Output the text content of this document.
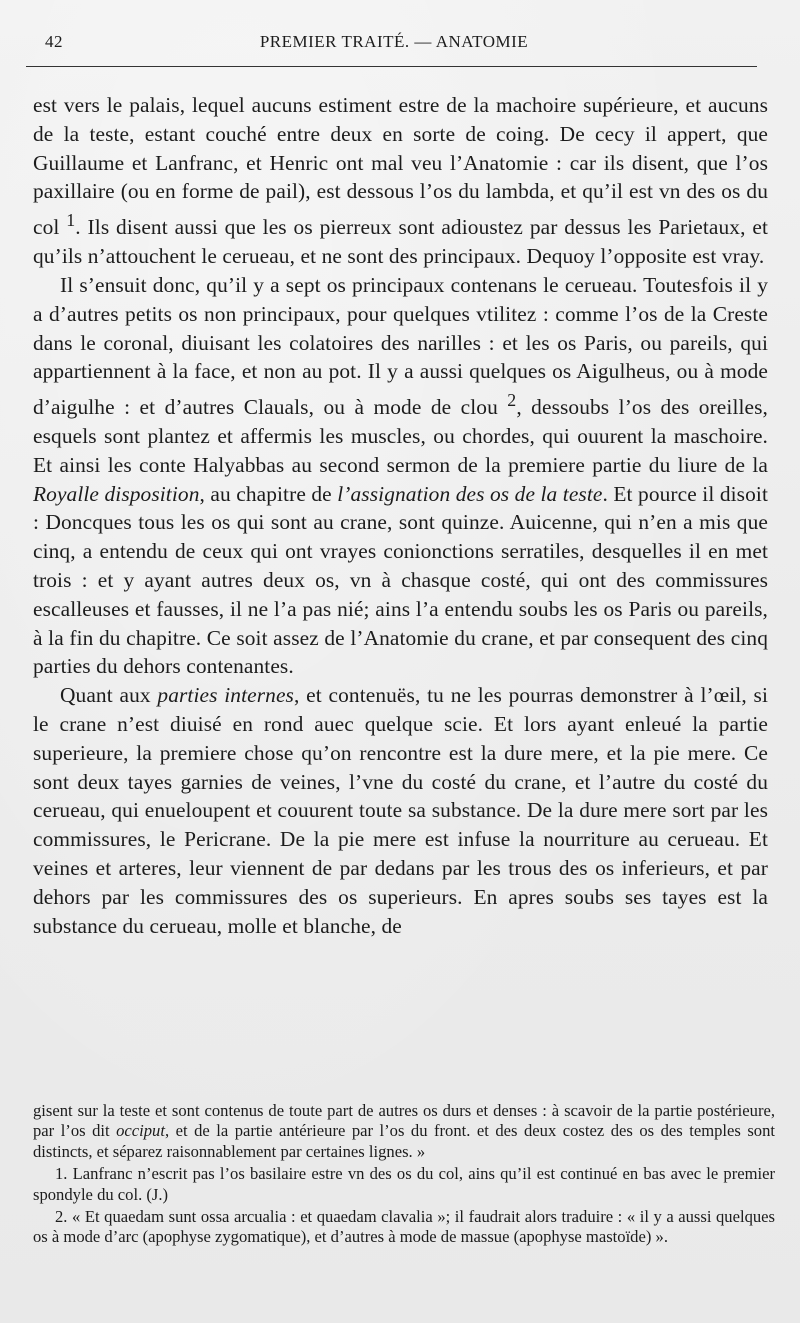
42	PREMIER TRAITÉ. — ANATOMIE

est vers le palais, lequel aucuns estiment estre de la machoire supérieure, et aucuns de la teste, estant couché entre deux en sorte de coing. De cecy il appert, que Guillaume et Lanfranc, et Henric ont mal veu l’Anatomie : car ils disent, que l’os paxillaire (ou en forme de pail), est dessous l’os du lambda, et qu’il est vn des os du col $^1$. Ils disent aussi que les os pierreux sont adioustez par dessus les Parietaux, et qu’ils n’attouchent le cerueau, et ne sont des principaux. Dequoy l’opposite est vray.

Il s’ensuit donc, qu’il y a sept os principaux contenans le cerueau. Toutesfois il y a d’autres petits os non principaux, pour quelques vtilitez : comme l’os de la Creste dans le coronal, diuisant les colatoires des narilles : et les os Paris, ou pareils, qui appartiennent à la face, et non au pot. Il y a aussi quelques os Aigulheus, ou à mode d’aigulhe : et d’autres Clauals, ou à mode de clou $^2$, dessoubs l’os des oreilles, esquels sont plantez et affermis les muscles, ou chordes, qui ouurent la maschoire. Et ainsi les conte Halyabbas au second sermon de la premiere partie du liure de la Royalle disposition, au chapitre de l’assignation des os de la teste. Et pource il disoit : Doncques tous les os qui sont au crane, sont quinze. Auicenne, qui n’en a mis que cinq, a entendu de ceux qui ont vrayes conionctions serratiles, desquelles il en met trois : et y ayant autres deux os, vn à chasque costé, qui ont des commissures escalleuses et fausses, il ne l’a pas nié; ains l’a entendu soubs les os Paris ou pareils, à la fin du chapitre. Ce soit assez de l’Anatomie du crane, et par consequent des cinq parties du dehors contenantes.

Quant aux parties internes, et contenuës, tu ne les pourras demonstrer à l’œil, si le crane n’est diuisé en rond auec quelque scie. Et lors ayant enleué la partie superieure, la premiere chose qu’on rencontre est la dure mere, et la pie mere. Ce sont deux tayes garnies de veines, l’vne du costé du crane, et l’autre du costé du cerueau, qui enueloupent et couurent toute sa substance. De la dure mere sort par les commissures, le Pericrane. De la pie mere est infuse la nourriture au cerueau. Et veines et arteres, leur viennent de par dedans par les trous des os inferieurs, et par dehors par les commissures des os superieurs. En apres soubs ses tayes est la substance du cerueau, molle et blanche, de

gisent sur la teste et sont contenus de toute part de autres os durs et denses : à scavoir de la partie postérieure, par l’os dit occiput, et de la partie antérieure par l’os du front. et des deux costez des os des temples sont distincts, et séparez raisonnablement par certaines lignes. »

1. Lanfranc n’escrit pas l’os basilaire estre vn des os du col, ains qu’il est continué en bas avec le premier spondyle du col. (J.)

2. « Et quaedam sunt ossa arcualia : et quaedam clavalia »; il faudrait alors traduire : « il y a aussi quelques os à mode d’arc (apophyse zygomatique), et d’autres à mode de massue (apophyse mastoïde) ».
